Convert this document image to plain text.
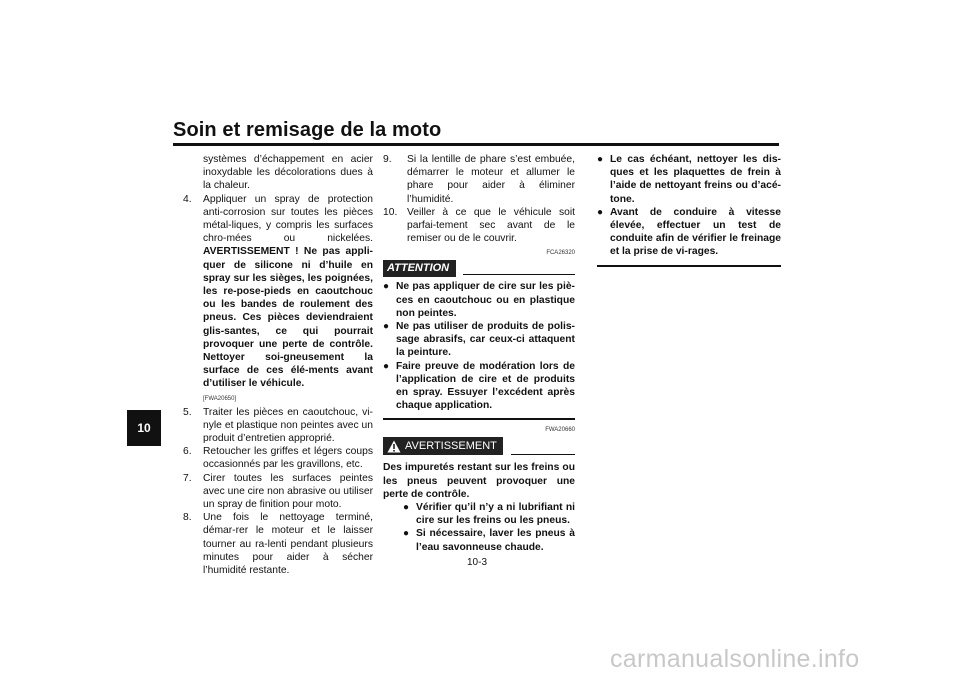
Soin et remisage de la moto
10
systèmes d’échappement en acier inoxydable les décolorations dues à la chaleur.
4.	Appliquer un spray de protection anti-corrosion sur toutes les pièces métal-liques, y compris les surfaces chro-mées ou nickelées. AVERTISSEMENT ! Ne pas appli-quer de silicone ni d’huile en spray sur les sièges, les poignées, les re-pose-pieds en caoutchouc ou les bandes de roulement des pneus. Ces pièces deviendraient glis-santes, ce qui pourrait provoquer une perte de contrôle. Nettoyer soi-gneusement la surface de ces élé-ments avant d’utiliser le véhicule.
[FWA20650]
5.	Traiter les pièces en caoutchouc, vi-nyle et plastique non peintes avec un produit d’entretien approprié.
6.	Retoucher les griffes et légers coups occasionnés par les gravillons, etc.
7.	Cirer toutes les surfaces peintes avec une cire non abrasive ou utiliser un spray de finition pour moto.
8.	Une fois le nettoyage terminé, démar-rer le moteur et le laisser tourner au ra-lenti pendant plusieurs minutes pour aider à sécher l’humidité restante.
9.	Si la lentille de phare s’est embuée, démarrer le moteur et allumer le phare pour aider à éliminer l’humidité.
10. Veiller à ce que le véhicule soit parfai-tement sec avant de le remiser ou de le couvrir.
FCA26320
ATTENTION
● Ne pas appliquer de cire sur les piè-ces en caoutchouc ou en plastique non peintes.
● Ne pas utiliser de produits de polis-sage abrasifs, car ceux-ci attaquent la peinture.
● Faire preuve de modération lors de l’application de cire et de produits en spray. Essuyer l’excédent après chaque application.
FWA20660
AVERTISSEMENT
Des impuretés restant sur les freins ou les pneus peuvent provoquer une perte de contrôle.
● Vérifier qu’il n’y a ni lubrifiant ni cire sur les freins ou les pneus.
● Si nécessaire, laver les pneus à l’eau savonneuse chaude.
● Le cas échéant, nettoyer les dis-ques et les plaquettes de frein à l’aide de nettoyant freins ou d’acé-tone.
● Avant de conduire à vitesse élevée, effectuer un test de conduite afin de vérifier le freinage et la prise de vi-rages.
10-3
carmanualsonline.info
